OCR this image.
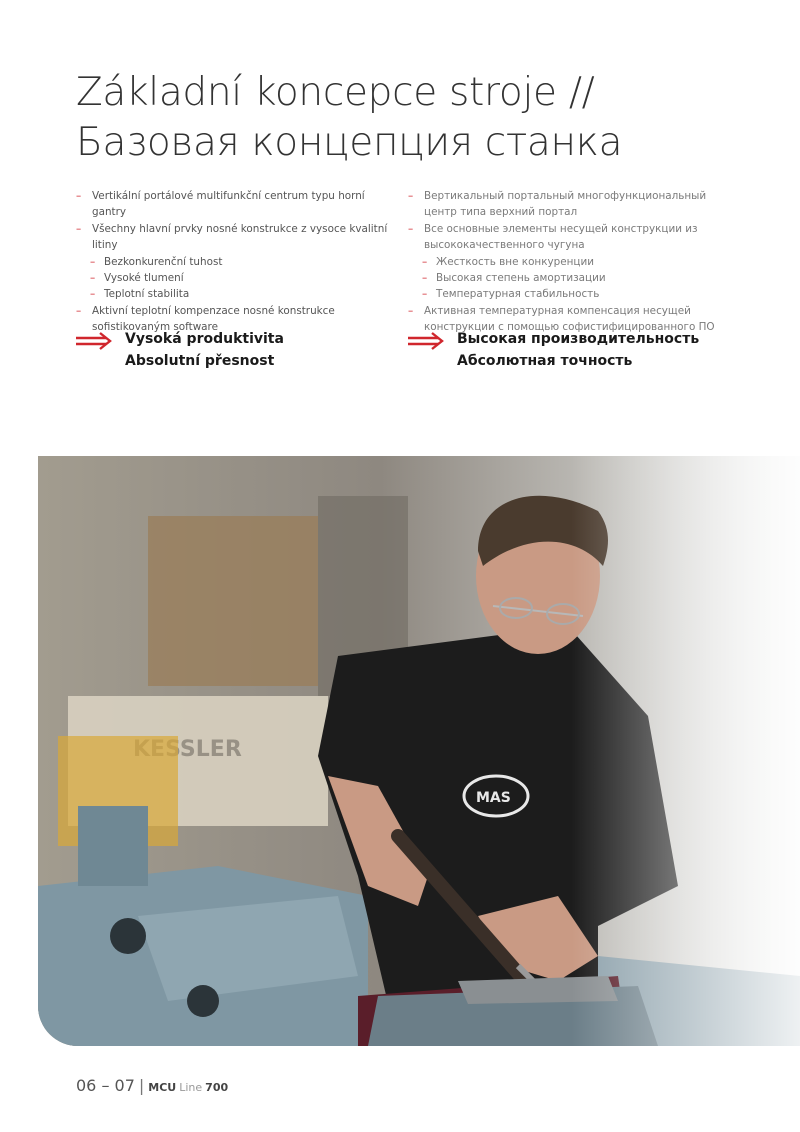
Základní koncepce stroje //
Базовая концепция станка
– Vertikální portálové multifunkční centrum typu horní gantry
– Všechny hlavní prvky nosné konstrukce z vysoce kvalitní litiny
– Bezkonkurenční tuhost
– Vysoké tlumení
– Teplotní stabilita
– Aktivní teplotní kompenzace nosné konstrukce sofistikovaným software
– Вертикальный портальный многофункциональный центр типа верхний портал
– Все основные элементы несущей конструкции из высококачественного чугуна
– Жесткость вне конкуренции
– Высокая степень амортизации
– Температурная стабильность
– Активная температурная компенсация несущей конструкции с помощью софистифицированного ПО
Vysoká produktivita
Absolutní přesnost
Высокая производительность
Абсолютная точность
06 – 07 | MCU Line 700
